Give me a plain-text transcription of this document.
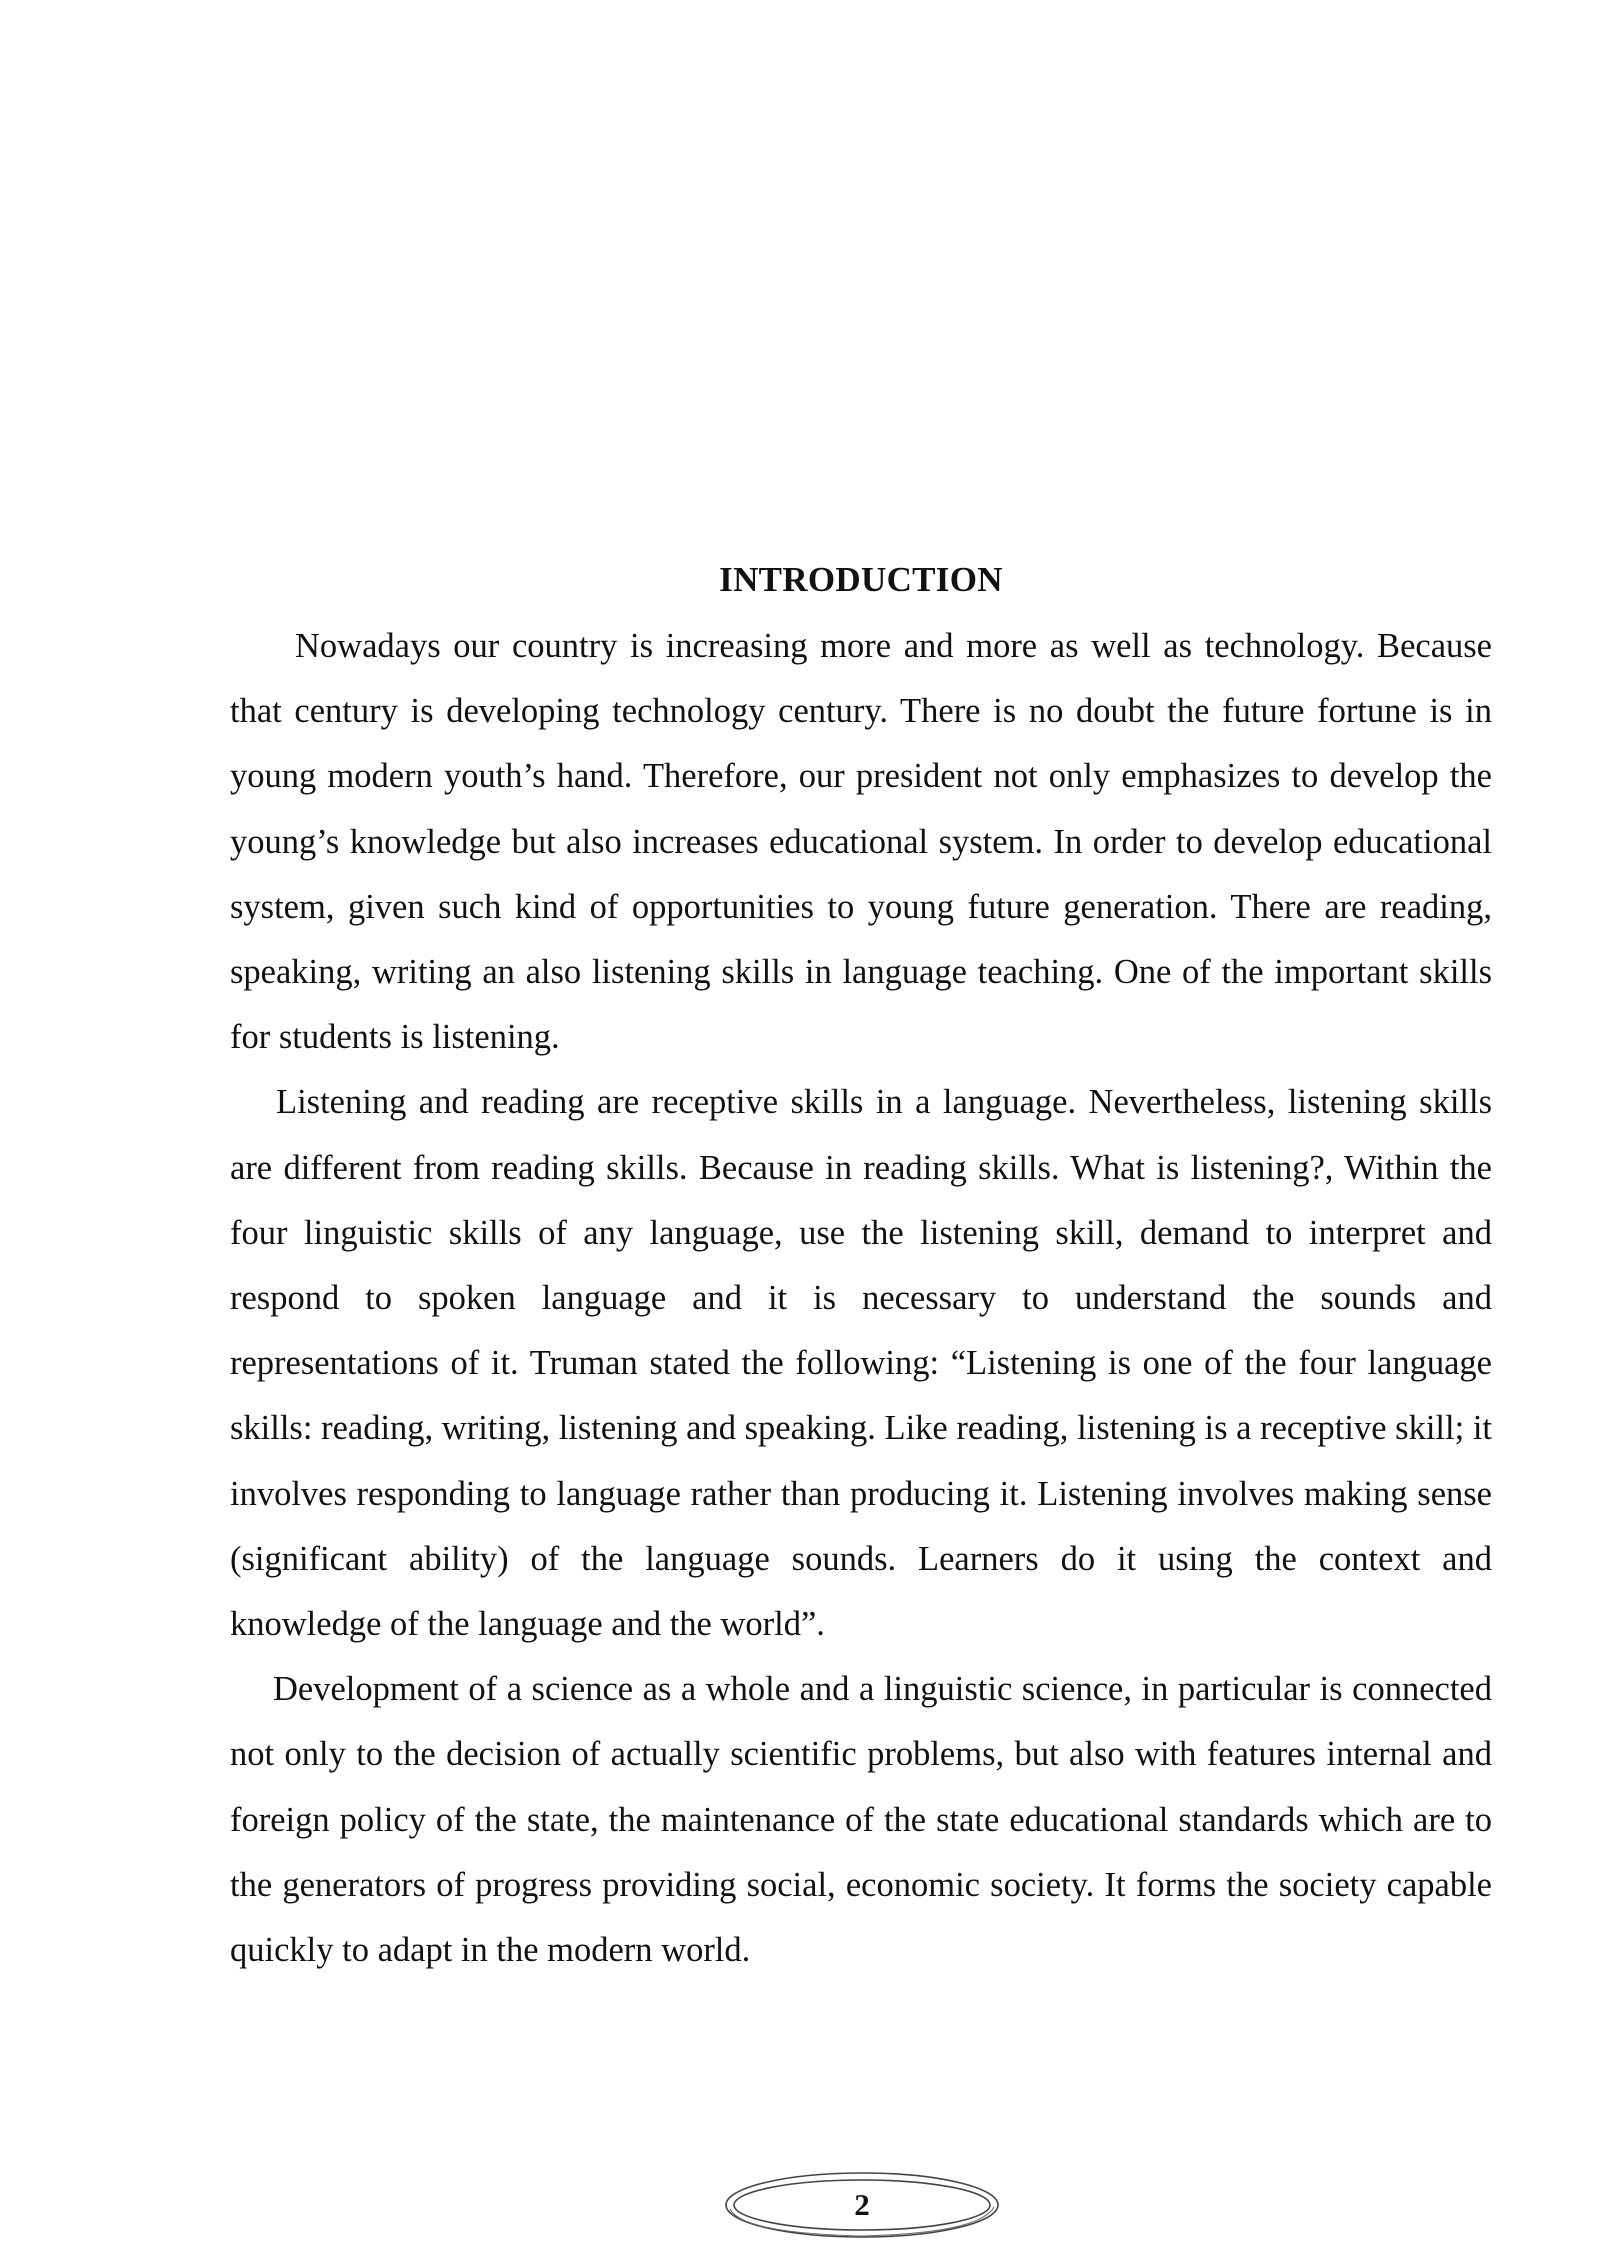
INTRODUCTION

Nowadays our country is increasing more and more as well as technology. Because that century is developing technology century. There is no doubt the future fortune is in young modern youth’s hand. Therefore, our president not only emphasizes to develop the young’s knowledge but also increases educational system. In order to develop educational system, given such kind of opportunities to young future generation. There are reading, speaking, writing an also listening skills in language teaching. One of the important skills for students is listening.

Listening and reading are receptive skills in a language. Nevertheless, listening skills are different from reading skills. Because in reading skills. What is listening?, Within the four linguistic skills of any language, use the listening skill, demand to interpret and respond to spoken language and it is necessary to understand the sounds and representations of it. Truman stated the following: “Listening is one of the four language skills: reading, writing, listening and speaking. Like reading, listening is a receptive skill; it involves responding to language rather than producing it. Listening involves making sense (significant ability) of the language sounds. Learners do it using the context and knowledge of the language and the world”.

Development of a science as a whole and a linguistic science, in particular is connected not only to the decision of actually scientific problems, but also with features internal and foreign policy of the state, the maintenance of the state educational standards which are to the generators of progress providing social, economic society. It forms the society capable quickly to adapt in the modern world.

2
